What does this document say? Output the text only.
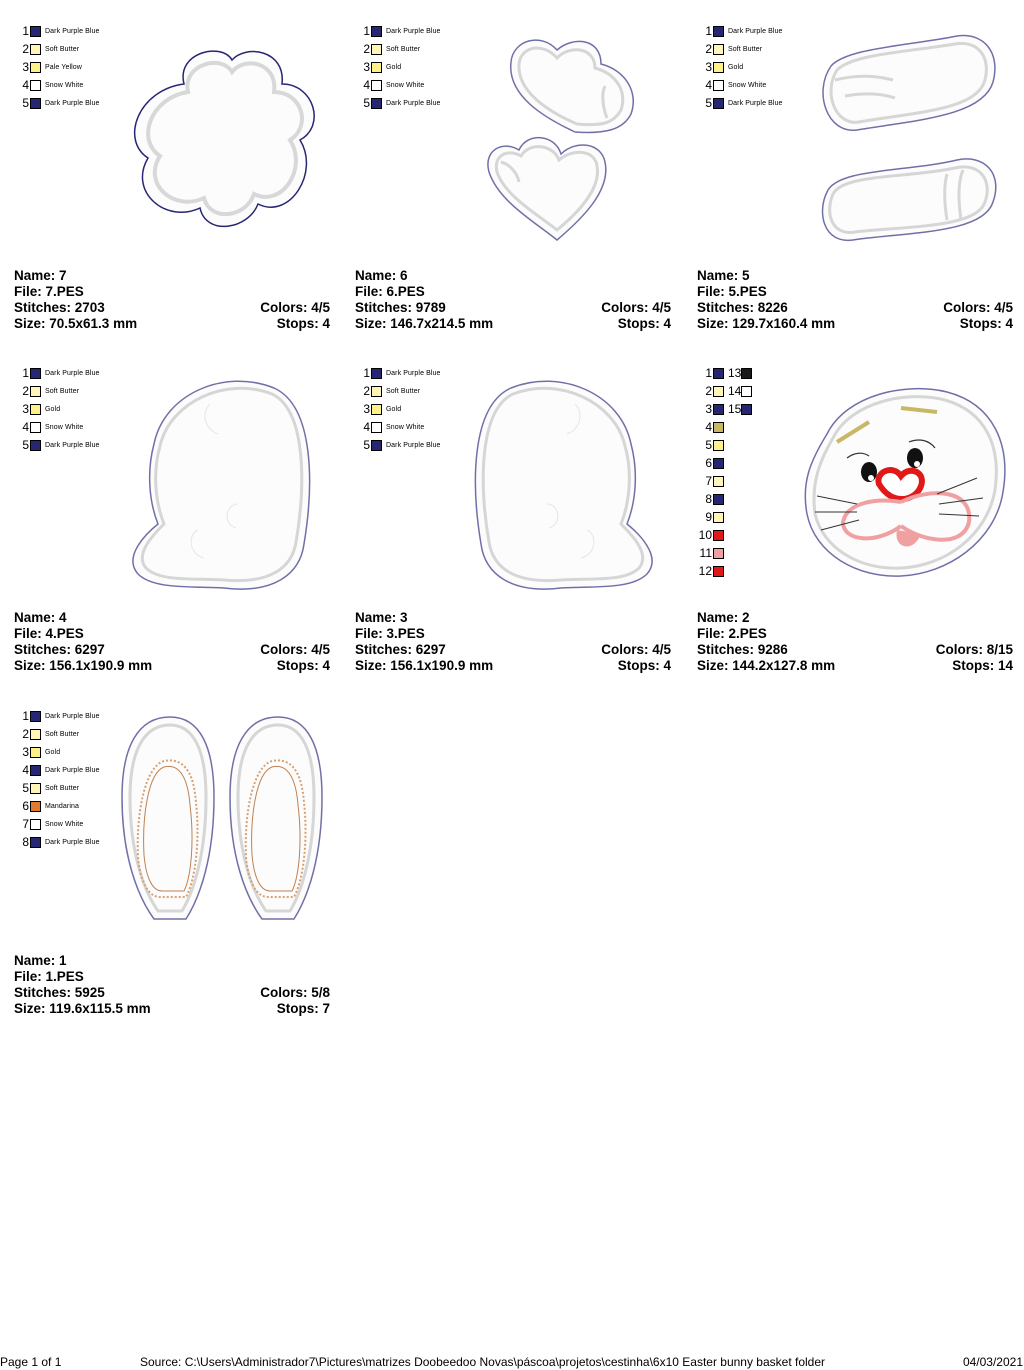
1 Dark Purple Blue
2 Soft Butter
3 Pale Yellow
4 Snow White
5 Dark Purple Blue
Name: 7
File: 7.PES
Stitches: 2703	Colors: 4/5
Size: 70.5x61.3 mm	Stops: 4
1 Dark Purple Blue
2 Soft Butter
3 Gold
4 Snow White
5 Dark Purple Blue
Name: 6
File: 6.PES
Stitches: 9789	Colors: 4/5
Size: 146.7x214.5 mm	Stops: 4
1 Dark Purple Blue
2 Soft Butter
3 Gold
4 Snow White
5 Dark Purple Blue
Name: 5
File: 5.PES
Stitches: 8226	Colors: 4/5
Size: 129.7x160.4 mm	Stops: 4
1 Dark Purple Blue
2 Soft Butter
3 Gold
4 Snow White
5 Dark Purple Blue
Name: 4
File: 4.PES
Stitches: 6297	Colors: 4/5
Size: 156.1x190.9 mm	Stops: 4
1 Dark Purple Blue
2 Soft Butter
3 Gold
4 Snow White
5 Dark Purple Blue
Name: 3
File: 3.PES
Stitches: 6297	Colors: 4/5
Size: 156.1x190.9 mm	Stops: 4
1 13
2 14
3 15
4
5
6
7
8
9
10
11
12
Name: 2
File: 2.PES
Stitches: 9286	Colors: 8/15
Size: 144.2x127.8 mm	Stops: 14
1 Dark Purple Blue
2 Soft Butter
3 Gold
4 Dark Purple Blue
5 Soft Butter
6 Mandarina
7 Snow White
8 Dark Purple Blue
Name: 1
File: 1.PES
Stitches: 5925	Colors: 5/8
Size: 119.6x115.5 mm	Stops: 7
Page 1 of 1	Source: C:\Users\Administrador7\Pictures\matrizes Doobeedoo Novas\páscoa\projetos\cestinha\6x10 Easter bunny basket folder	04/03/2021
